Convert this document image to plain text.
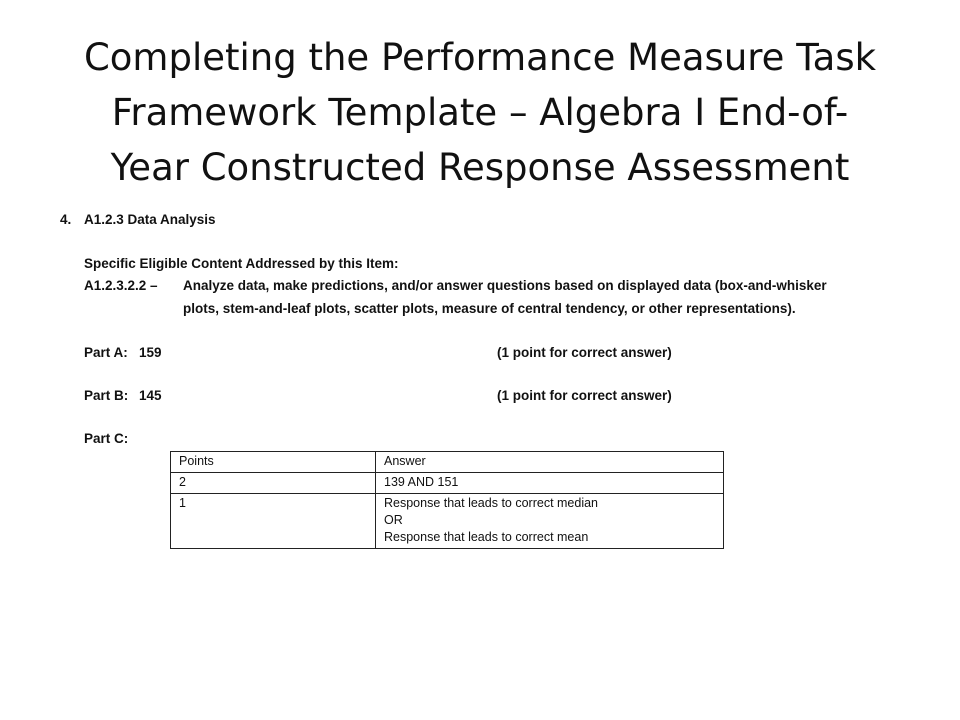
Completing the Performance Measure Task
Framework Template – Algebra I End-of-
Year Constructed Response Assessment
4. A1.2.3 Data Analysis
Specific Eligible Content Addressed by this Item:
A1.2.3.2.2 – Analyze data, make predictions, and/or answer questions based on displayed data (box-and-whisker
plots, stem-and-leaf plots, scatter plots, measure of central tendency, or other representations).
Part A: 159	(1 point for correct answer)
Part B: 145	(1 point for correct answer)
Part C:
Points	Answer
2	139 AND 151

1	Response that leads to correct median
OR
Response that leads to correct mean
